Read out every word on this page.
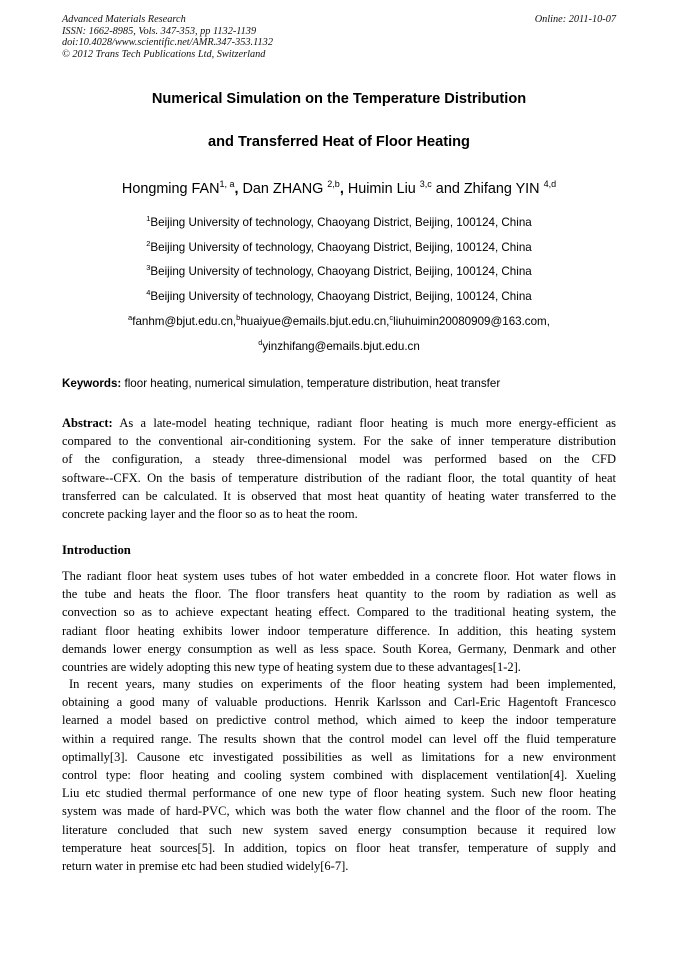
Advanced Materials Research
ISSN: 1662-8985, Vols. 347-353, pp 1132-1139
doi:10.4028/www.scientific.net/AMR.347-353.1132
© 2012 Trans Tech Publications Ltd, Switzerland
Online: 2011-10-07
Numerical Simulation on the Temperature Distribution
and Transferred Heat of Floor Heating
Hongming FAN$^{1, a}$, Dan ZHANG $^{2,b}$, Huimin Liu $^{3,c}$ and Zhifang YIN $^{4,d}$
$^1$Beijing University of technology, Chaoyang District, Beijing, 100124, China
$^2$Beijing University of technology, Chaoyang District, Beijing, 100124, China
$^3$Beijing University of technology, Chaoyang District, Beijing, 100124, China
$^4$Beijing University of technology, Chaoyang District, Beijing, 100124, China
$^a$fanhm@bjut.edu.cn,$^b$huaiyue@emails.bjut.edu.cn,$^c$liuhuimin20080909@163.com,
$^d$yinzhifang@emails.bjut.edu.cn
Keywords: floor heating, numerical simulation, temperature distribution, heat transfer
Abstract: As a late-model heating technique, radiant floor heating is much more energy-efficient as
compared to the conventional air-conditioning system. For the sake of inner temperature distribution
of the configuration, a steady three-dimensional model was performed based on the CFD
software--CFX. On the basis of temperature distribution of the radiant floor, the total quantity of heat
transferred can be calculated. It is observed that most heat quantity of heating water transferred to the
concrete packing layer and the floor so as to heat the room.
Introduction
The radiant floor heat system uses tubes of hot water embedded in a concrete floor. Hot water flows in
the tube and heats the floor. The floor transfers heat quantity to the room by radiation as well as
convection so as to achieve expectant heating effect. Compared to the traditional heating system, the
radiant floor heating exhibits lower indoor temperature difference. In addition, this heating system
demands lower energy consumption as well as less space. South Korea, Germany, Denmark and other
countries are widely adopting this new type of heating system due to these advantages[1-2].
In recent years, many studies on experiments of the floor heating system had been implemented,
obtaining a good many of valuable productions. Henrik Karlsson and Carl-Eric Hagentoft Francesco
learned a model based on predictive control method, which aimed to keep the indoor temperature
within a required range. The results shown that the control model can level off the fluid temperature
optimally[3]. Causone etc investigated possibilities as well as limitations for a new environment
control type: floor heating and cooling system combined with displacement ventilation[4]. Xueling
Liu etc studied thermal performance of one new type of floor heating system. Such new floor heating
system was made of hard-PVC, which was both the water flow channel and the floor of the room. The
literature concluded that such new system saved energy consumption because it required low
temperature heat sources[5]. In addition, topics on floor heat transfer, temperature of supply and
return water in premise etc had been studied widely[6-7].
